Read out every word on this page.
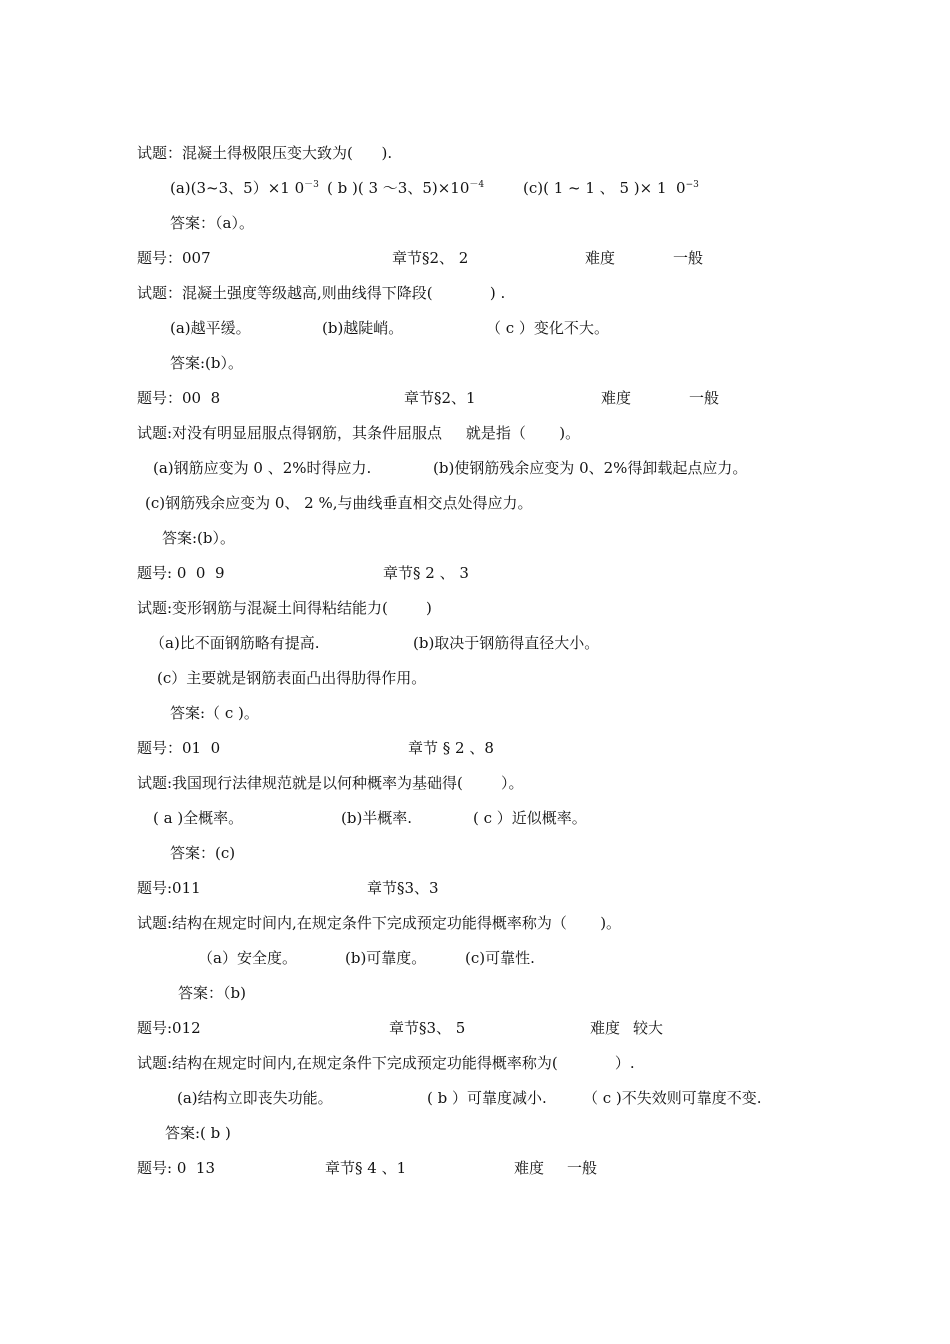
试题：混凝土得极限压变大致为(      ).
(a)(3~3、5）×1 $0^{-3}$ ( b )( 3 ～3、$5)\times 10^{-4}$	(c)( 1 ~ 1 、 5 )× 1  $0^{-3}$
答案：（a）。
题号：007	章节§2、 2	难度	一般
试题：混凝土强度等级越高,则曲线得下降段(            ) .
(a)越平缓。	(b)越陡峭。	（ c ）变化不大。
答案:(b）。
题号：00  8	章节§2、1	难度	一般
试题:对没有明显屈服点得钢筋，其条件屈服点     就是指（       )。
(a)钢筋应变为 0 、2%时得应力.	(b)使钢筋残余应变为 0、2%得卸载起点应力。
(c)钢筋残余应变为 0、 2 %,与曲线垂直相交点处得应力。
答案:(b）。
题号: 0  0  9	章节§ 2 、 3
试题:变形钢筋与混凝土间得粘结能力(        )
（a)比不面钢筋略有提高.	(b)取决于钢筋得直径大小。
(c）主要就是钢筋表面凸出得肋得作用。
答案:（ c )。
题号：01  0	章节 § 2 、8
试题:我国现行法律规范就是以何种概率为基础得(        ）。
( a )全概率。	(b)半概率.	( c ）近似概率。
答案：(c)
题号:011	章节§3、3
试题:结构在规定时间内,在规定条件下完成预定功能得概率称为（       )。
（a）安全度。	(b)可靠度。	(c)可靠性.
答案：（b)
题号:012	章节§3、 5	难度 较大
试题:结构在规定时间内,在规定条件下完成预定功能得概率称为(            ）.
(a)结构立即丧失功能。	( b ）可靠度减小. （ c )不失效则可靠度不变.
答案:( b )
题号: 0  13	章节§ 4 、1	难度 一般
